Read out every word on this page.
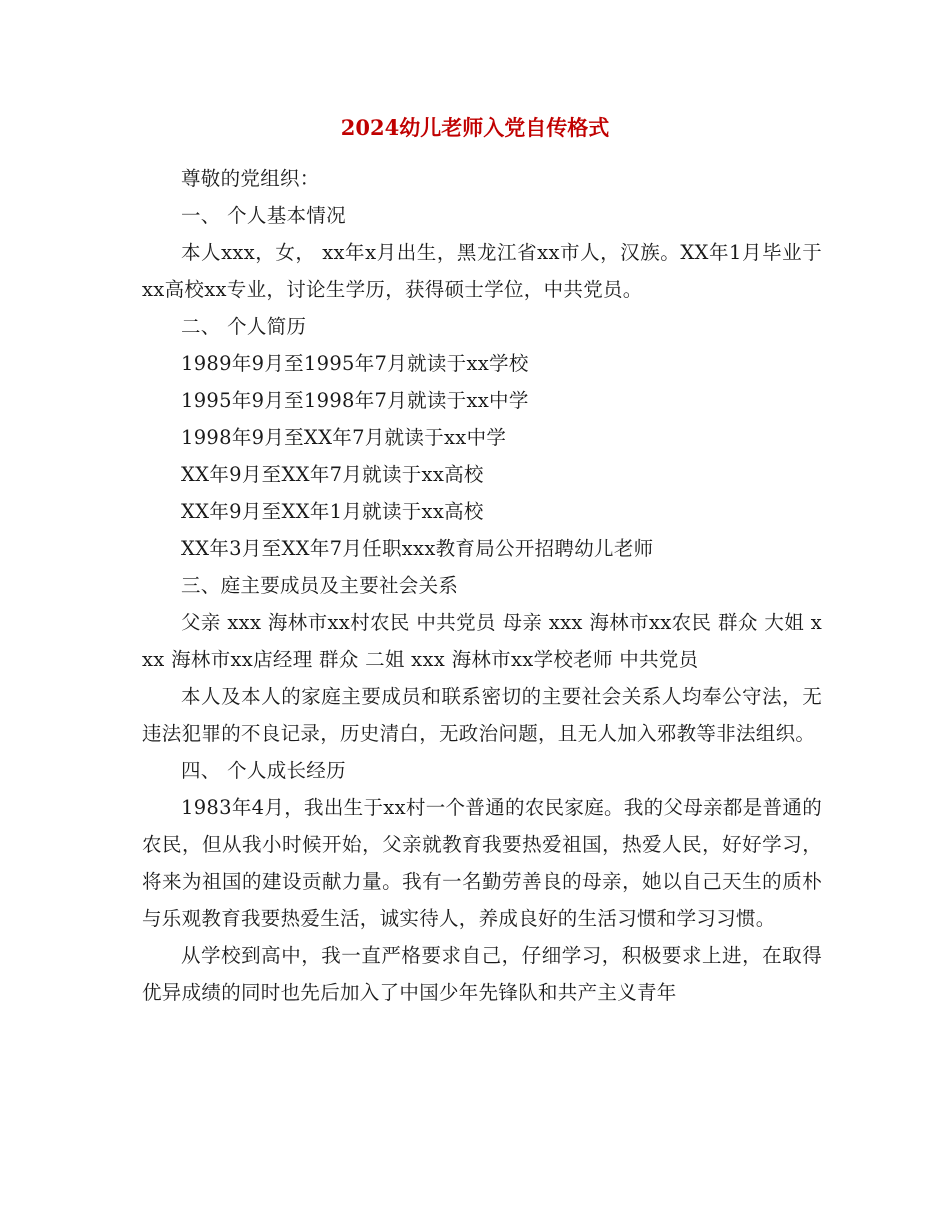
2024幼儿老师入党自传格式

尊敬的党组织：

一、 个人基本情况

本人xxx，女， xx年x月出生，黑龙江省xx市人，汉族。XX年1月毕业于xx高校xx专业，讨论生学历，获得硕士学位，中共党员。

二、 个人简历

1989年9月至1995年7月就读于xx学校

1995年9月至1998年7月就读于xx中学

1998年9月至XX年7月就读于xx中学

XX年9月至XX年7月就读于xx高校

XX年9月至XX年1月就读于xx高校

XX年3月至XX年7月任职xxx教育局公开招聘幼儿老师

三、庭主要成员及主要社会关系

父亲 xxx 海林市xx村农民 中共党员 母亲 xxx 海林市xx农民 群众 大姐 xxx 海林市xx店经理 群众 二姐 xxx 海林市xx学校老师 中共党员

本人及本人的家庭主要成员和联系密切的主要社会关系人均奉公守法，无违法犯罪的不良记录，历史清白，无政治问题，且无人加入邪教等非法组织。

四、 个人成长经历

1983年4月，我出生于xx村一个普通的农民家庭。我的父母亲都是普通的农民，但从我小时候开始，父亲就教育我要热爱祖国，热爱人民，好好学习，将来为祖国的建设贡献力量。我有一名勤劳善良的母亲，她以自己天生的质朴与乐观教育我要热爱生活，诚实待人，养成良好的生活习惯和学习习惯。

从学校到高中，我一直严格要求自己，仔细学习，积极要求上进，在取得优异成绩的同时也先后加入了中国少年先锋队和共产主义青年
